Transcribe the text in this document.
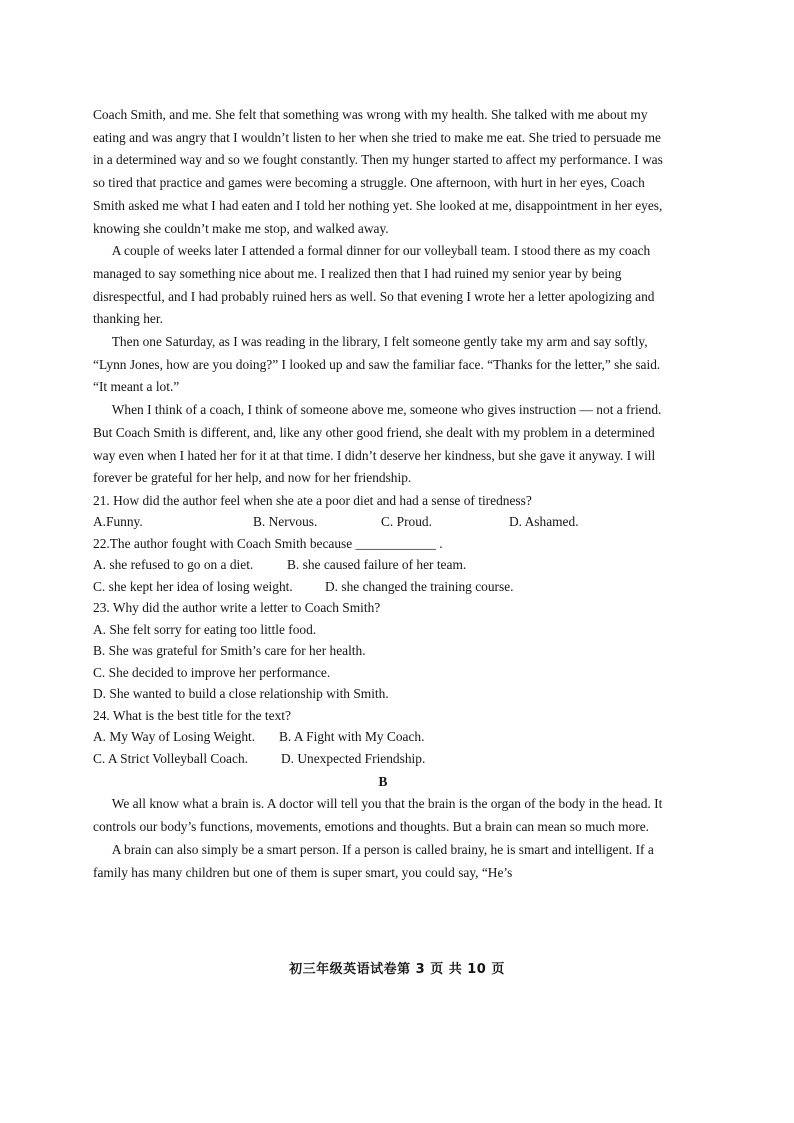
Coach Smith, and me. She felt that something was wrong with my health. She talked with me about my eating and was angry that I wouldn’t listen to her when she tried to make me eat. She tried to persuade me in a determined way and so we fought constantly. Then my hunger started to affect my performance. I was so tired that practice and games were becoming a struggle. One afternoon, with hurt in her eyes, Coach Smith asked me what I had eaten and I told her nothing yet. She looked at me, disappointment in her eyes, knowing she couldn’t make me stop, and walked away.

A couple of weeks later I attended a formal dinner for our volleyball team. I stood there as my coach managed to say something nice about me. I realized then that I had ruined my senior year by being disrespectful, and I had probably ruined hers as well. So that evening I wrote her a letter apologizing and thanking her.

Then one Saturday, as I was reading in the library, I felt someone gently take my arm and say softly, “Lynn Jones, how are you doing?” I looked up and saw the familiar face. “Thanks for the letter,” she said. “It meant a lot.”

When I think of a coach, I think of someone above me, someone who gives instruction — not a friend. But Coach Smith is different, and, like any other good friend, she dealt with my problem in a determined way even when I hated her for it at that time. I didn’t deserve her kindness, but she gave it anyway. I will forever be grateful for her help, and now for her friendship.

21. How did the author feel when she ate a poor diet and had a sense of tiredness?

A.Funny.	B. Nervous.	C. Proud.	D. Ashamed.

22.The author fought with Coach Smith because ____________ .

A. she refused to go on a diet.	B. she caused failure of her team.
C. she kept her idea of losing weight.	D. she changed the training course.

23. Why did the author write a letter to Coach Smith?

A. She felt sorry for eating too little food.

B. She was grateful for Smith’s care for her health.

C. She decided to improve her performance.

D. She wanted to build a close relationship with Smith.

24. What is the best title for the text?

A. My Way of Losing Weight.	B. A Fight with My Coach.
C. A Strict Volleyball Coach.	D. Unexpected Friendship.

B

We all know what a brain is. A doctor will tell you that the brain is the organ of the body in the head. It controls our body’s functions, movements, emotions and thoughts. But a brain can mean so much more.

A brain can also simply be a smart person. If a person is called brainy, he is smart and intelligent. If a family has many children but one of them is super smart, you could say, “He’s

初三年级英语试卷第 3 页 共 10 页
